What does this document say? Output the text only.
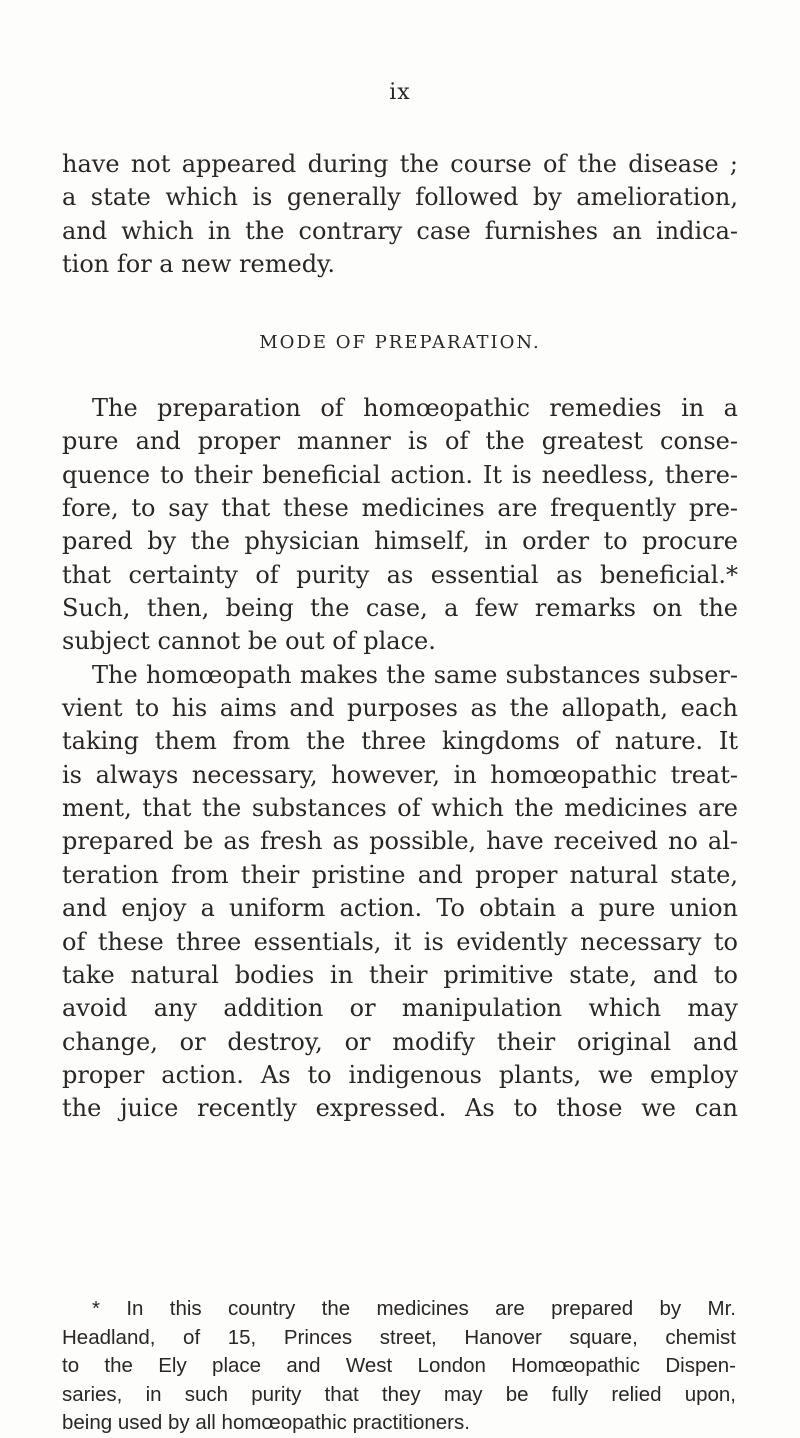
ix
have not appeared during the course of the disease ;
a state which is generally followed by amelioration,
and which in the contrary case furnishes an indica-
tion for a new remedy.
MODE OF PREPARATION.
The preparation of homœopathic remedies in a
pure and proper manner is of the greatest conse-
quence to their beneficial action. It is needless, there-
fore, to say that these medicines are frequently pre-
pared by the physician himself, in order to procure
that certainty of purity as essential as beneficial.*
Such, then, being the case, a few remarks on the
subject cannot be out of place.
The homœopath makes the same substances subser-
vient to his aims and purposes as the allopath, each
taking them from the three kingdoms of nature. It
is always necessary, however, in homœopathic treat-
ment, that the substances of which the medicines are
prepared be as fresh as possible, have received no al-
teration from their pristine and proper natural state,
and enjoy a uniform action. To obtain a pure union
of these three essentials, it is evidently necessary to
take natural bodies in their primitive state, and to
avoid any addition or manipulation which may
change, or destroy, or modify their original and
proper action. As to indigenous plants, we employ
the juice recently expressed. As to those we can
* In this country the medicines are prepared by Mr.
Headland, of 15, Princes street, Hanover square, chemist
to the Ely place and West London Homœopathic Dispen-
saries, in such purity that they may be fully relied upon,
being used by all homœopathic practitioners.
